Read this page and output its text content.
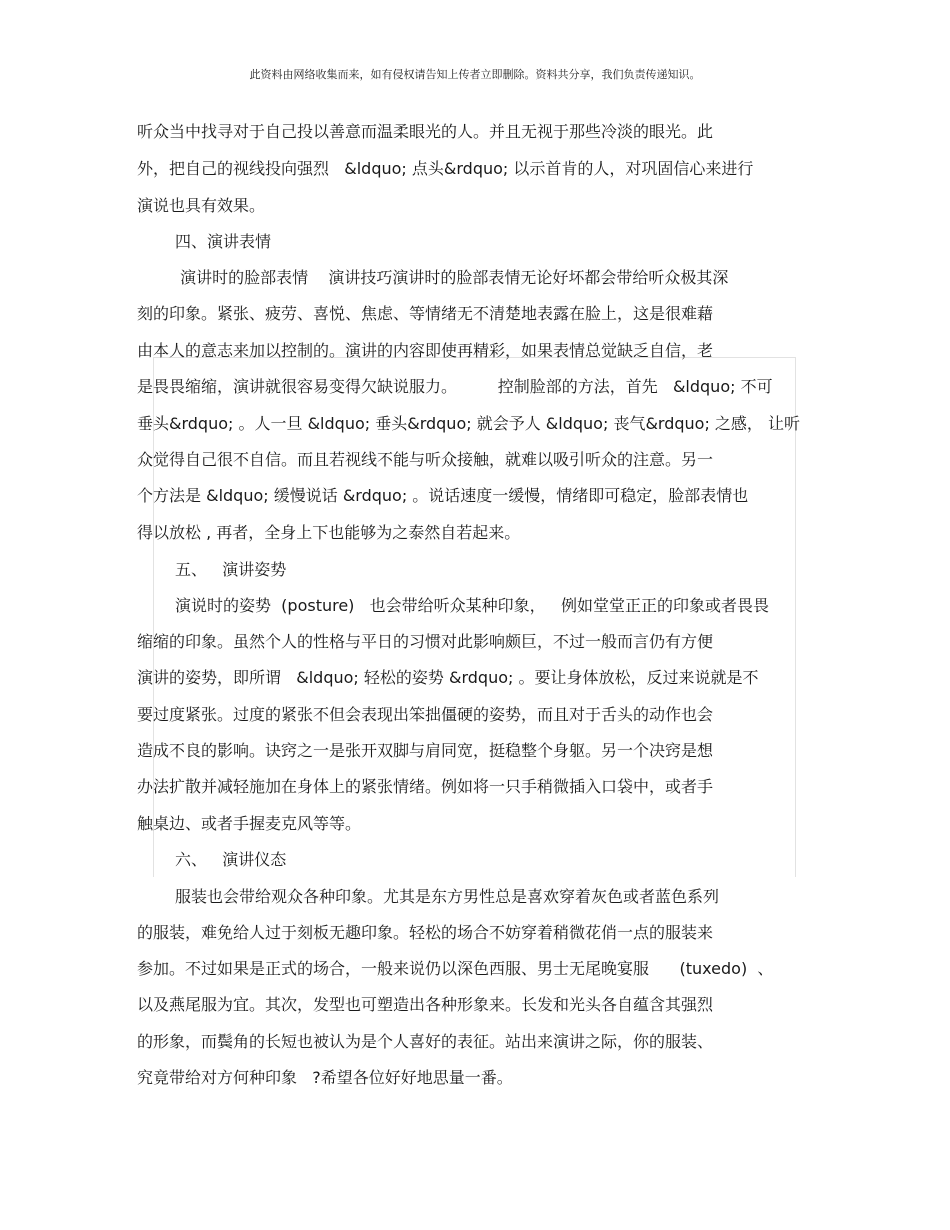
此资料由网络收集而来，如有侵权请告知上传者立即删除。资料共分享，我们负责传递知识。
听众当中找寻对于自己投以善意而温柔眼光的人。并且无视于那些冷淡的眼光。此
外，把自己的视线投向强烈   &ldquo; 点头&rdquo; 以示首肯的人，对巩固信心来进行
演说也具有效果。
四、演讲表情
演讲时的脸部表情    演讲技巧演讲时的脸部表情无论好坏都会带给听众极其深
刻的印象。紧张、疲劳、喜悦、焦虑、等情绪无不清楚地表露在脸上，这是很难藉
由本人的意志来加以控制的。演讲的内容即使再精彩，如果表情总觉缺乏自信，老
是畏畏缩缩，演讲就很容易变得欠缺说服力。        控制脸部的方法，首先   &ldquo; 不可
垂头&rdquo; 。人一旦 &ldquo; 垂头&rdquo; 就会予人 &ldquo; 丧气&rdquo; 之感， 让听
众觉得自己很不自信。而且若视线不能与听众接触，就难以吸引听众的注意。另一
个方法是 &ldquo; 缓慢说话 &rdquo; 。说话速度一缓慢，情绪即可稳定，脸部表情也
得以放松 , 再者，全身上下也能够为之泰然自若起来。
五、   演讲姿势
演说时的姿势  (posture)   也会带给听众某种印象，   例如堂堂正正的印象或者畏畏
缩缩的印象。虽然个人的性格与平日的习惯对此影响颇巨，不过一般而言仍有方便
演讲的姿势，即所谓   &ldquo; 轻松的姿势 &rdquo; 。要让身体放松，反过来说就是不
要过度紧张。过度的紧张不但会表现出笨拙僵硬的姿势，而且对于舌头的动作也会
造成不良的影响。诀窍之一是张开双脚与肩同宽，挺稳整个身躯。另一个决窍是想
办法扩散并减轻施加在身体上的紧张情绪。例如将一只手稍微插入口袋中，或者手
触桌边、或者手握麦克风等等。
六、   演讲仪态
服装也会带给观众各种印象。尤其是东方男性总是喜欢穿着灰色或者蓝色系列
的服装，难免给人过于刻板无趣印象。轻松的场合不妨穿着稍微花俏一点的服装来
参加。不过如果是正式的场合，一般来说仍以深色西服、男士无尾晚宴服      (tuxedo)  、
以及燕尾服为宜。其次，发型也可塑造出各种形象来。长发和光头各自蕴含其强烈
的形象，而鬓角的长短也被认为是个人喜好的表征。站出来演讲之际，你的服装、
究竟带给对方何种印象   ?希望各位好好地思量一番。
